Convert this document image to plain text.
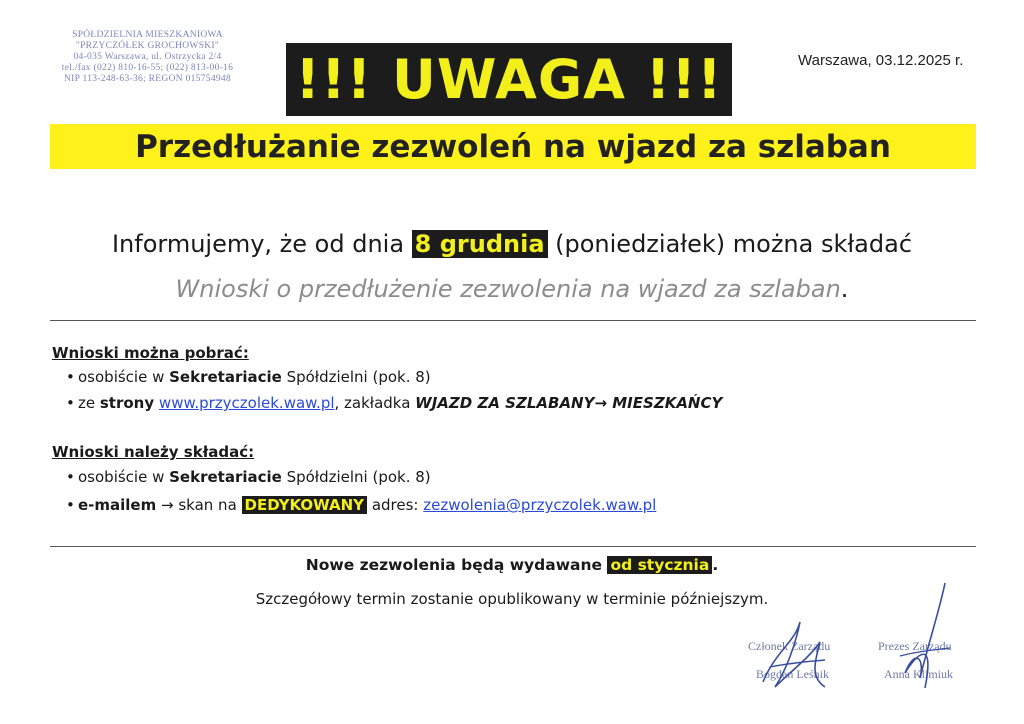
SPÓŁDZIELNIA MIESZKANIOWA
"PRZYCZÓŁEK GROCHOWSKI"
04-035 Warszawa, ul. Ostrzycka 2/4
tel./fax (022) 810-16-55; (022) 813-00-16
NIP 113-248-63-36; REGON 015754948
Warszawa, 03.12.2025 r.
!!! UWAGA !!!
Przedłużanie zezwoleń na wjazd za szlaban
Informujemy, że od dnia 8 grudnia (poniedziałek) można składać
Wnioski o przedłużenie zezwolenia na wjazd za szlaban.
Wnioski można pobrać:
• osobiście w Sekretariacie Spółdzielni (pok. 8)
• ze strony www.przyczolek.waw.pl, zakładka WJAZD ZA SZLABANY→ MIESZKAŃCY
Wnioski należy składać:
• osobiście w Sekretariacie Spółdzielni (pok. 8)
• e-mailem → skan na DEDYKOWANY adres: zezwolenia@przyczolek.waw.pl
Nowe zezwolenia będą wydawane od stycznia .
Szczegółowy termin zostanie opublikowany w terminie późniejszym.
Członek Zarządu
Bogdan Leśnik
Prezes Zarządu
Anna Klimiuk
